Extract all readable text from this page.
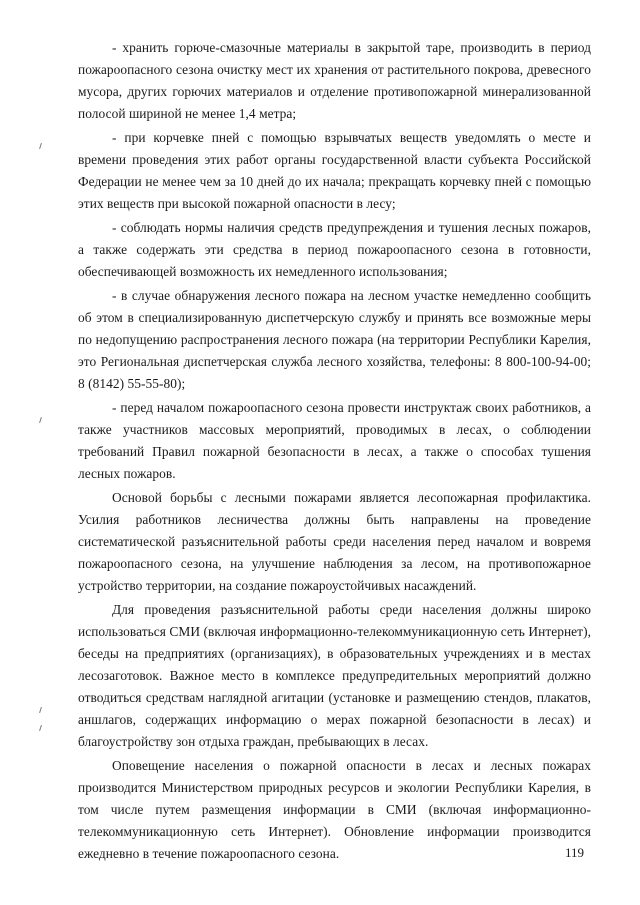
- хранить горюче-смазочные материалы в закрытой таре, производить в период пожароопасного сезона очистку мест их хранения от растительного покрова, древесного мусора, других горючих материалов и отделение противопожарной минерализованной полосой шириной не менее 1,4 метра;

- при корчевке пней с помощью взрывчатых веществ уведомлять о месте и времени проведения этих работ органы государственной власти субъекта Российской Федерации не менее чем за 10 дней до их начала; прекращать корчевку пней с помощью этих веществ при высокой пожарной опасности в лесу;

- соблюдать нормы наличия средств предупреждения и тушения лесных пожаров, а также содержать эти средства в период пожароопасного сезона в готовности, обеспечивающей возможность их немедленного использования;

- в случае обнаружения лесного пожара на лесном участке немедленно сообщить об этом в специализированную диспетчерскую службу и принять все возможные меры по недопущению распространения лесного пожара (на территории Республики Карелия, это Региональная диспетчерская служба лесного хозяйства, телефоны: 8 800-100-94-00; 8 (8142) 55-55-80);

- перед началом пожароопасного сезона провести инструктаж своих работников, а также участников массовых мероприятий, проводимых в лесах, о соблюдении требований Правил пожарной безопасности в лесах, а также о способах тушения лесных пожаров.

Основой борьбы с лесными пожарами является лесопожарная профилактика. Усилия работников лесничества должны быть направлены на проведение систематической разъяснительной работы среди населения перед началом и вовремя пожароопасного сезона, на улучшение наблюдения за лесом, на противопожарное устройство территории, на создание пожароустойчивых насаждений.

Для проведения разъяснительной работы среди населения должны широко использоваться СМИ (включая информационно-телекоммуникационную сеть Интернет), беседы на предприятиях (организациях), в образовательных учреждениях и в местах лесозаготовок. Важное место в комплексе предупредительных мероприятий должно отводиться средствам наглядной агитации (установке и размещению стендов, плакатов, аншлагов, содержащих информацию о мерах пожарной безопасности в лесах) и благоустройству зон отдыха граждан, пребывающих в лесах.

Оповещение населения о пожарной опасности в лесах и лесных пожарах производится Министерством природных ресурсов и экологии Республики Карелия, в том числе путем размещения информации в СМИ (включая информационно-телекоммуникационную сеть Интернет). Обновление информации производится ежедневно в течение пожароопасного сезона.	119
